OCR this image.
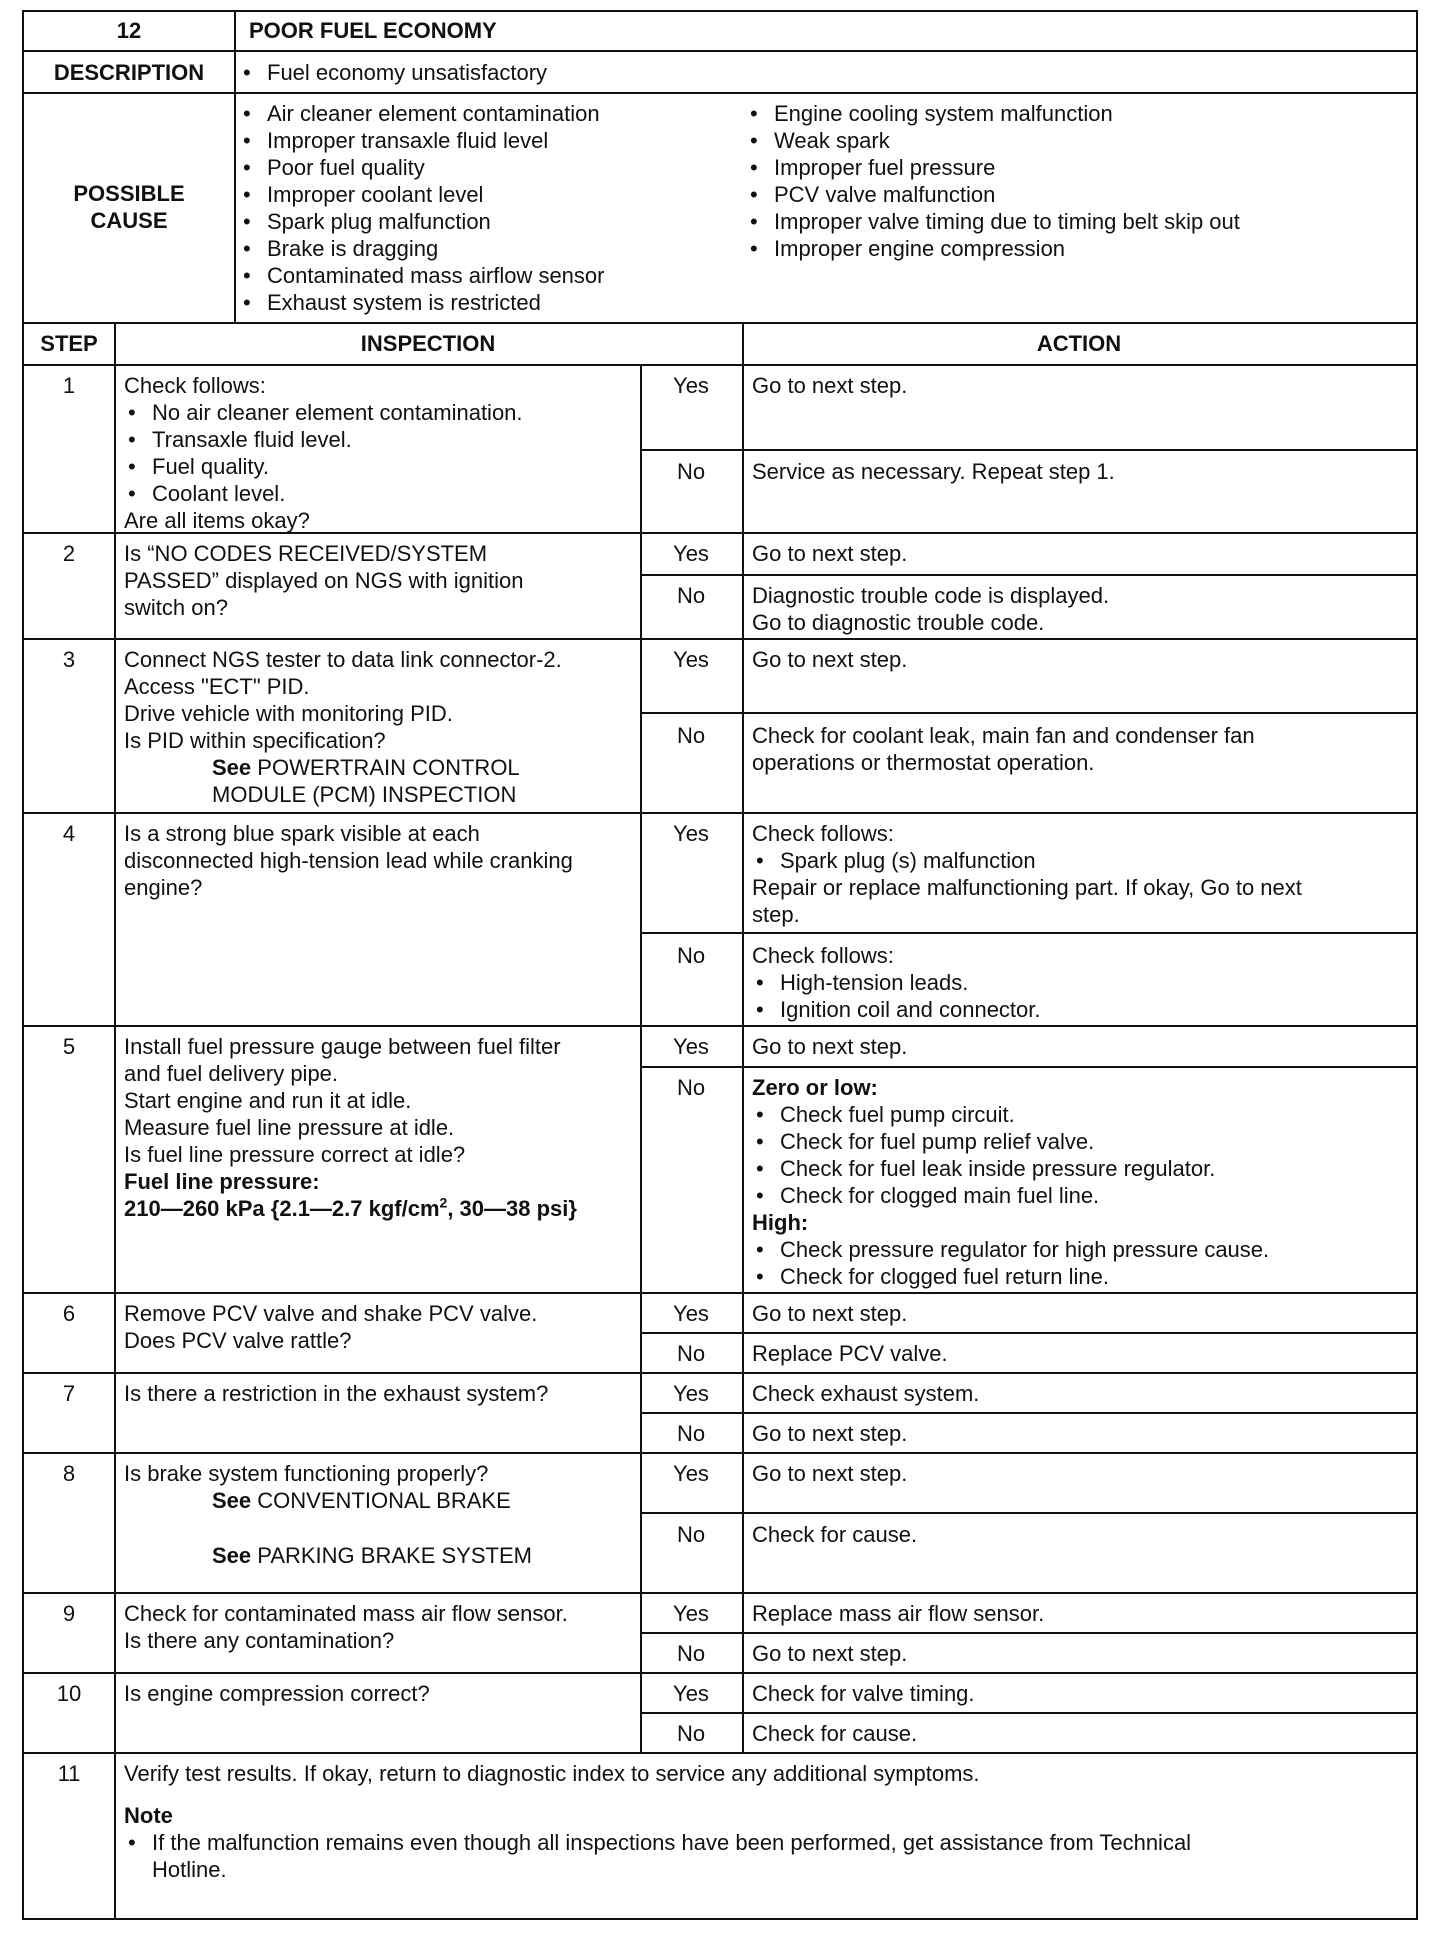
12	POOR FUEL ECONOMY
DESCRIPTION	• Fuel economy unsatisfactory
POSSIBLE
CAUSE
• Air cleaner element contamination
• Improper transaxle fluid level
• Poor fuel quality
• Improper coolant level
• Spark plug malfunction
• Brake is dragging
• Contaminated mass airflow sensor
• Exhaust system is restricted
• Engine cooling system malfunction
• Weak spark
• Improper fuel pressure
• PCV valve malfunction
• Improper valve timing due to timing belt skip out
• Improper engine compression
STEP	INSPECTION	ACTION
1	Check follows:
• No air cleaner element contamination.
• Transaxle fluid level.
• Fuel quality.
• Coolant level.
Are all items okay?
Yes	Go to next step.
No	Service as necessary. Repeat step 1.
2	Is “NO CODES RECEIVED/SYSTEM
PASSED” displayed on NGS with ignition
switch on?
Yes	Go to next step.
No	Diagnostic trouble code is displayed.
Go to diagnostic trouble code.
3	Connect NGS tester to data link connector-2.
Access "ECT" PID.
Drive vehicle with monitoring PID.
Is PID within specification?
See POWERTRAIN CONTROL
MODULE (PCM) INSPECTION
Yes	Go to next step.
No	Check for coolant leak, main fan and condenser fan
operations or thermostat operation.
4	Is a strong blue spark visible at each
disconnected high-tension lead while cranking
engine?
Yes	Check follows:
• Spark plug (s) malfunction
Repair or replace malfunctioning part. If okay, Go to next
step.
No	Check follows:
• High-tension leads.
• Ignition coil and connector.
5	Install fuel pressure gauge between fuel filter
and fuel delivery pipe.
Start engine and run it at idle.
Measure fuel line pressure at idle.
Is fuel line pressure correct at idle?
Fuel line pressure:
210—260 kPa {2.1—2.7 kgf/$cm^2$, 30—38 psi}
Yes	Go to next step.
No	Zero or low:
• Check fuel pump circuit.
• Check for fuel pump relief valve.
• Check for fuel leak inside pressure regulator.
• Check for clogged main fuel line.
High:
• Check pressure regulator for high pressure cause.
• Check for clogged fuel return line.
6	Remove PCV valve and shake PCV valve.
Does PCV valve rattle?
Yes	Go to next step.
No	Replace PCV valve.
7	Is there a restriction in the exhaust system?	Yes	Check exhaust system.
No	Go to next step.
8	Is brake system functioning properly?
See CONVENTIONAL BRAKE
See PARKING BRAKE SYSTEM
Yes	Go to next step.
No	Check for cause.
9	Check for contaminated mass air flow sensor.
Is there any contamination?
Yes	Replace mass air flow sensor.
No	Go to next step.
10	Is engine compression correct?	Yes	Check for valve timing.
No	Check for cause.
11	Verify test results. If okay, return to diagnostic index to service any additional symptoms.
Note
• If the malfunction remains even though all inspections have been performed, get assistance from Technical
Hotline.
